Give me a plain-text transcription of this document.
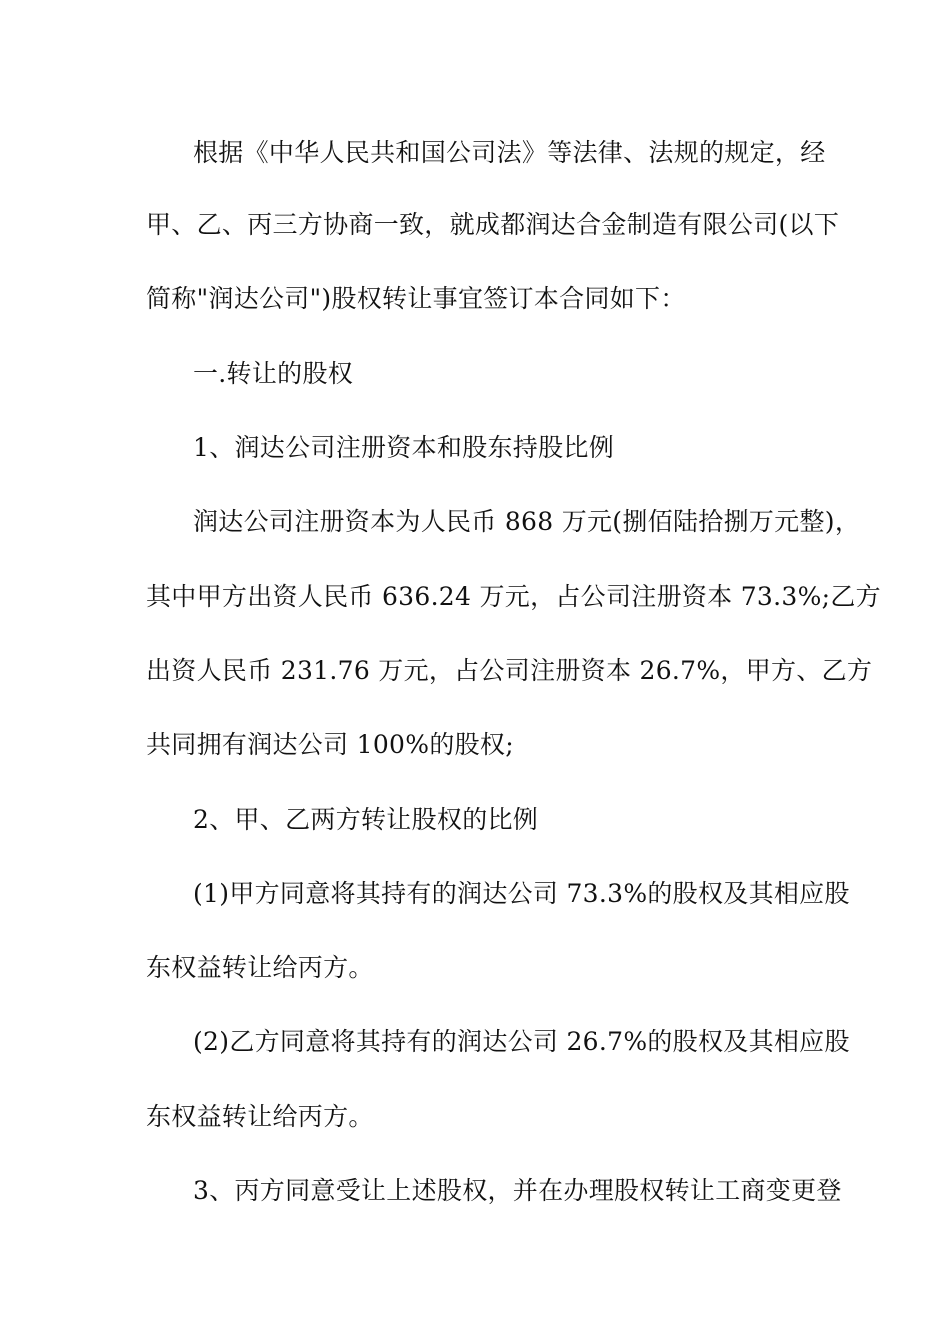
根据《中华人民共和国公司法》等法律、法规的规定，经
甲、乙、丙三方协商一致，就成都润达合金制造有限公司(以下
简称"润达公司")股权转让事宜签订本合同如下：
一.转让的股权
1、润达公司注册资本和股东持股比例
润达公司注册资本为人民币 868 万元(捌佰陆拾捌万元整)，
其中甲方出资人民币 636.24 万元，占公司注册资本 73.3%;乙方
出资人民币 231.76 万元，占公司注册资本 26.7%，甲方、乙方
共同拥有润达公司 100%的股权;
2、甲、乙两方转让股权的比例
(1)甲方同意将其持有的润达公司 73.3%的股权及其相应股
东权益转让给丙方。
(2)乙方同意将其持有的润达公司 26.7%的股权及其相应股
东权益转让给丙方。
3、丙方同意受让上述股权，并在办理股权转让工商变更登
